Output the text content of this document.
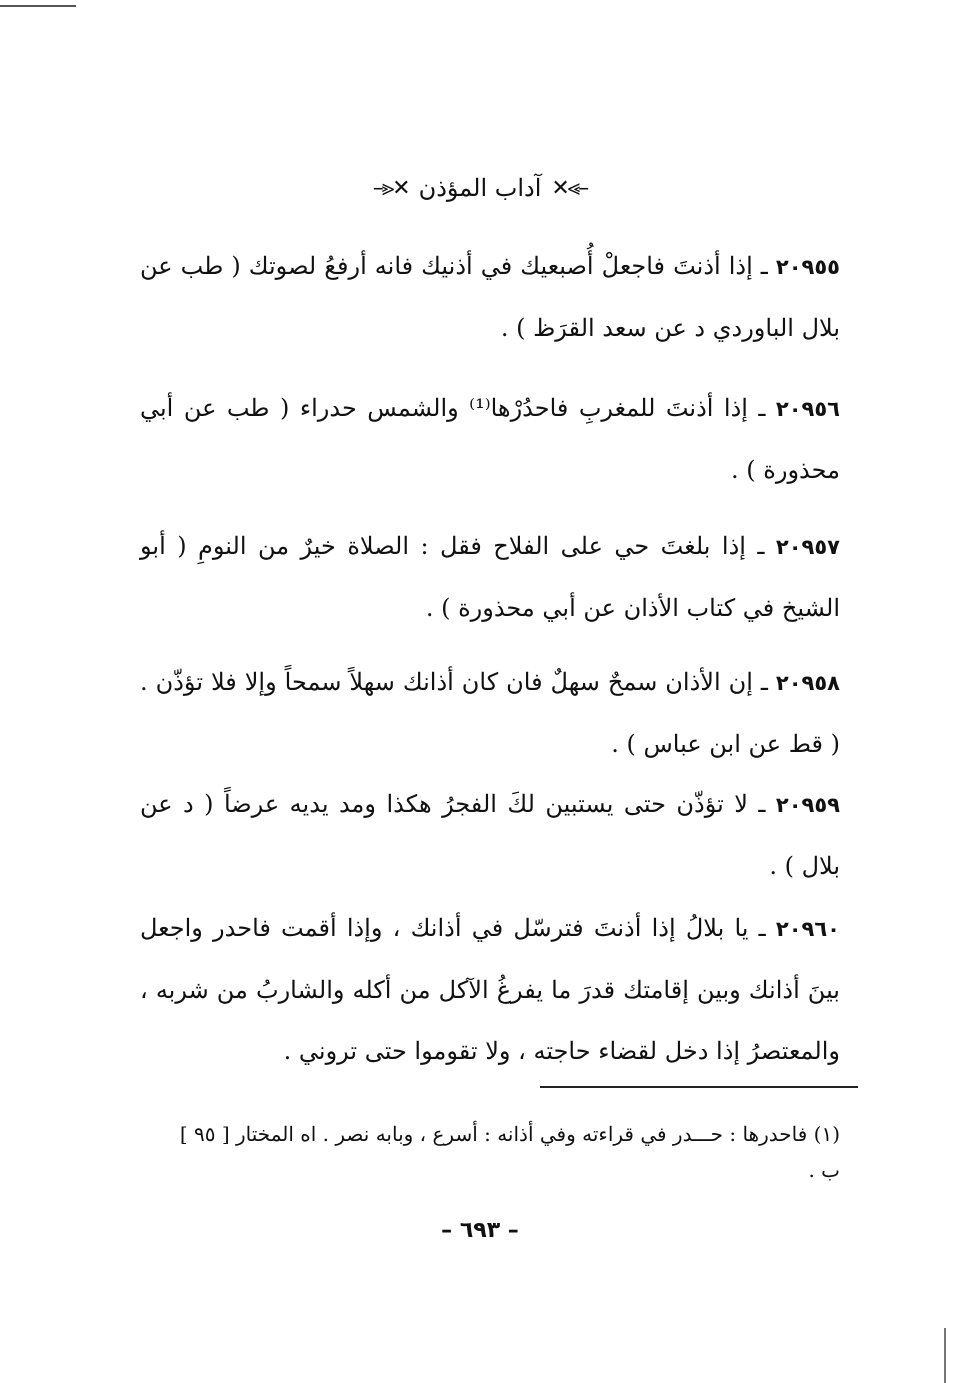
–⪢✕
آداب المؤذن
✕⪡–
٢٠٩٥٥ ـ إذا أذنتَ فاجعلْ أُصبعيك في أذنيك فانه أرفعُ لصوتك ( طب عن بلال الباوردي د عن سعد القرَظ ) .
٢٠٩٥٦ ـ إذا أذنتَ للمغربِ فاحدُرْها⁽¹⁾ والشمس حدراء ( طب عن أبي محذورة ) .
٢٠٩٥٧ ـ إذا بلغتَ حي على الفلاح فقل : الصلاة خيرٌ من النومِ ( أبو الشيخ في كتاب الأذان عن أبي محذورة ) .
٢٠٩٥٨ ـ إن الأذان سمحٌ سهلٌ فان كان أذانك سهلاً سمحاً وإلا فلا تؤذّن . ( قط عن ابن عباس ) .
٢٠٩٥٩ ـ لا تؤذّن حتى يستبين لكَ الفجرُ هكذا ومد يديه عرضاً ( د عن بلال ) .
٢٠٩٦٠ ـ يا بلالُ إذا أذنتَ فترسّل في أذانك ، وإذا أقمت فاحدر واجعل بينَ أذانك وبين إقامتك قدرَ ما يفرغُ الآكل من أكله والشاربُ من شربه ، والمعتصرُ إذا دخل لقضاء حاجته ، ولا تقوموا حتى تروني .
(١) فاحدرها : حـــدر في قراءته وفي أذانه : أسرع ، وبابه نصر . اه المختار [ ٩٥ ] ب .
– ٦٩٣ –
